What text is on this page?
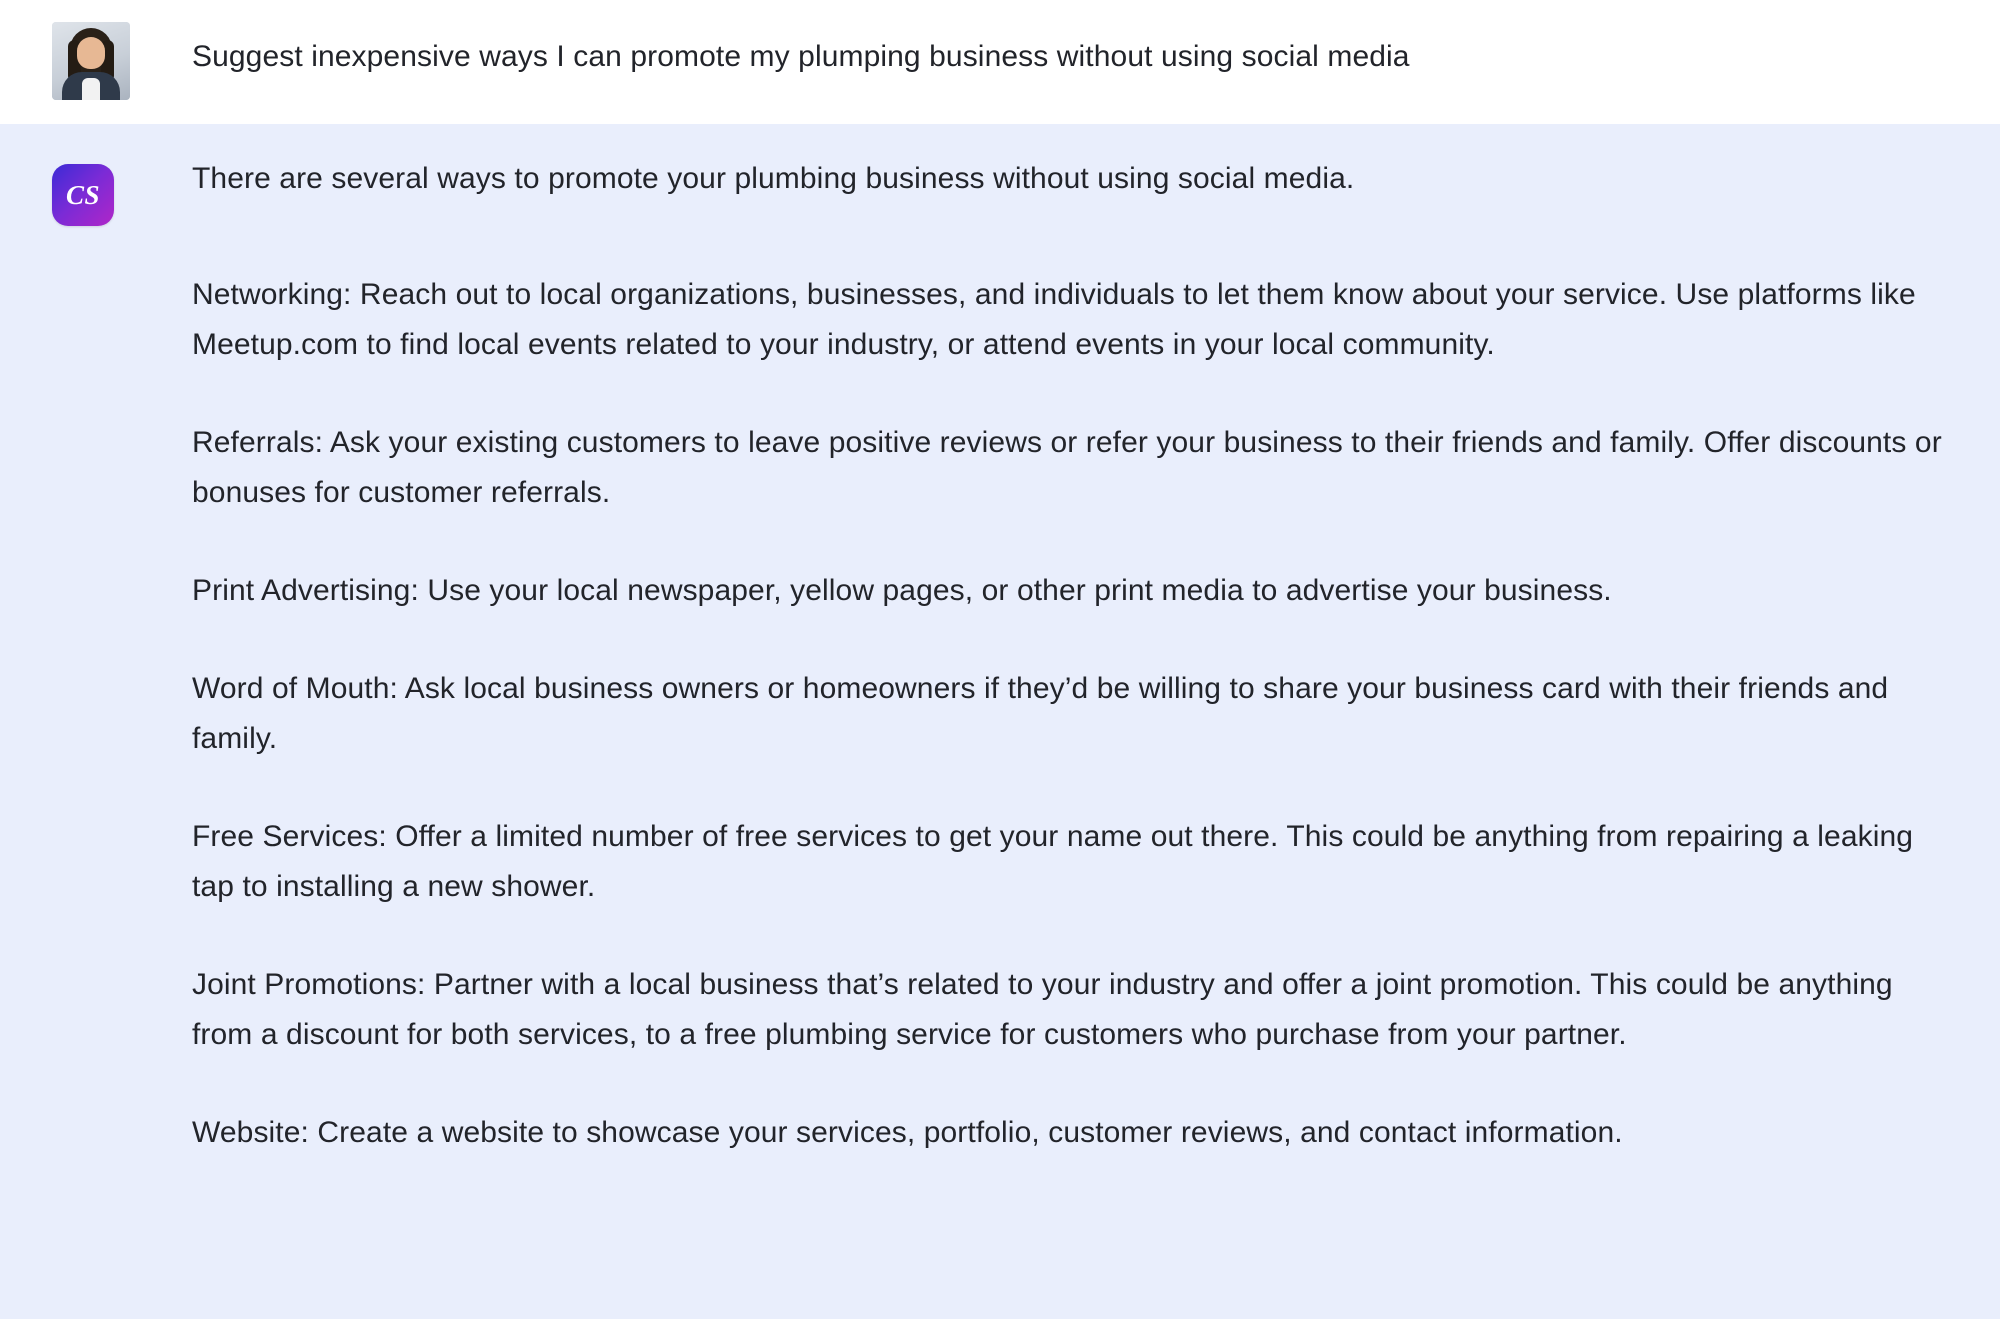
Suggest inexpensive ways I can promote my plumping business without using social media
CS	There are several ways to promote your plumbing business without using social media.
Networking: Reach out to local organizations, businesses, and individuals to let them know about your service. Use platforms like Meetup.com to find local events related to your industry, or attend events in your local community.
Referrals: Ask your existing customers to leave positive reviews or refer your business to their friends and family. Offer discounts or bonuses for customer referrals.
Print Advertising: Use your local newspaper, yellow pages, or other print media to advertise your business.
Word of Mouth: Ask local business owners or homeowners if they’d be willing to share your business card with their friends and family.
Free Services: Offer a limited number of free services to get your name out there. This could be anything from repairing a leaking tap to installing a new shower.
Joint Promotions: Partner with a local business that’s related to your industry and offer a joint promotion. This could be anything from a discount for both services, to a free plumbing service for customers who purchase from your partner.
Website: Create a website to showcase your services, portfolio, customer reviews, and contact information.
